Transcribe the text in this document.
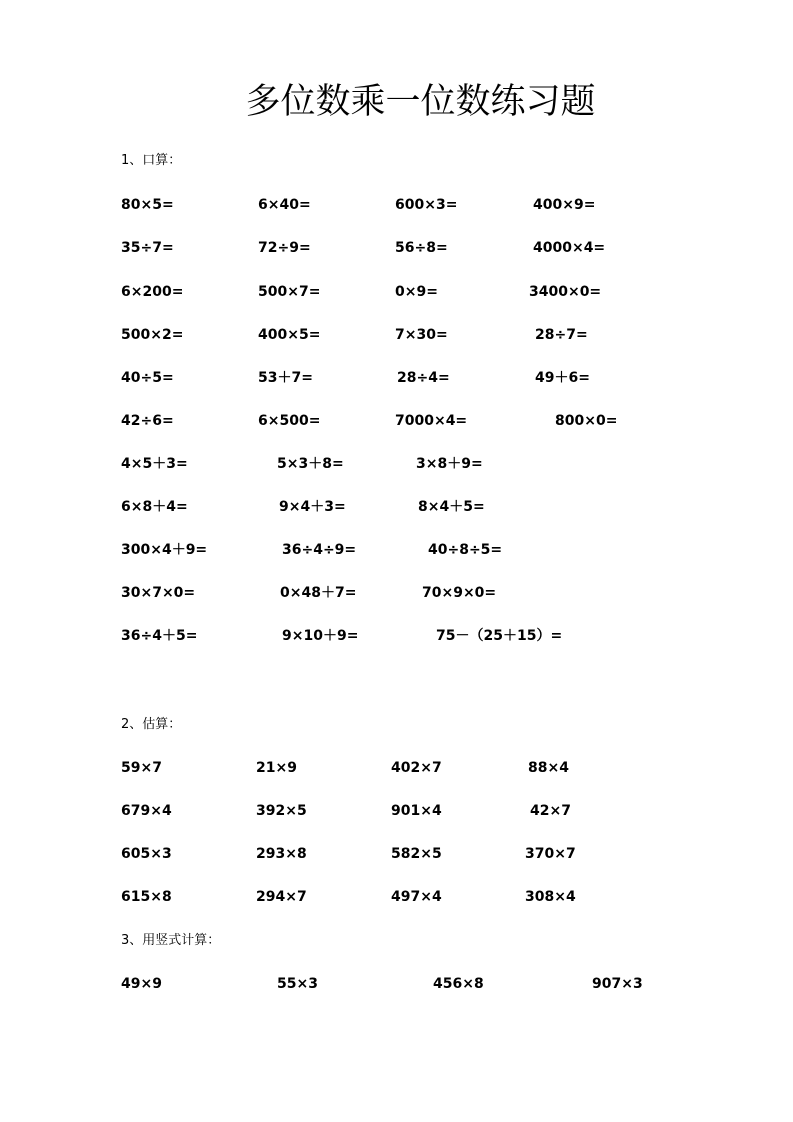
多位数乘一位数练习题
1、口算：
80×5=	6×40=	600×3=	400×9=
35÷7=	72÷9=	56÷8=	4000×4=
6×200=	500×7=	0×9=	3400×0=
500×2=	400×5=	7×30=	28÷7=
40÷5=	53＋7=	28÷4=	49＋6=
42÷6=	6×500=	7000×4=	800×0=
4×5＋3=	5×3＋8=	3×8＋9=
6×8＋4=	9×4＋3=	8×4＋5=
300×4＋9=	36÷4÷9=	40÷8÷5=
30×7×0=	0×48＋7=	70×9×0=
36÷4＋5=	9×10＋9=	75－（25＋15）=
2、估算：
59×7	21×9	402×7	88×4
679×4	392×5	901×4	42×7
605×3	293×8	582×5	370×7
615×8	294×7	497×4	308×4
3、用竖式计算：
49×9	55×3	456×8	907×3
